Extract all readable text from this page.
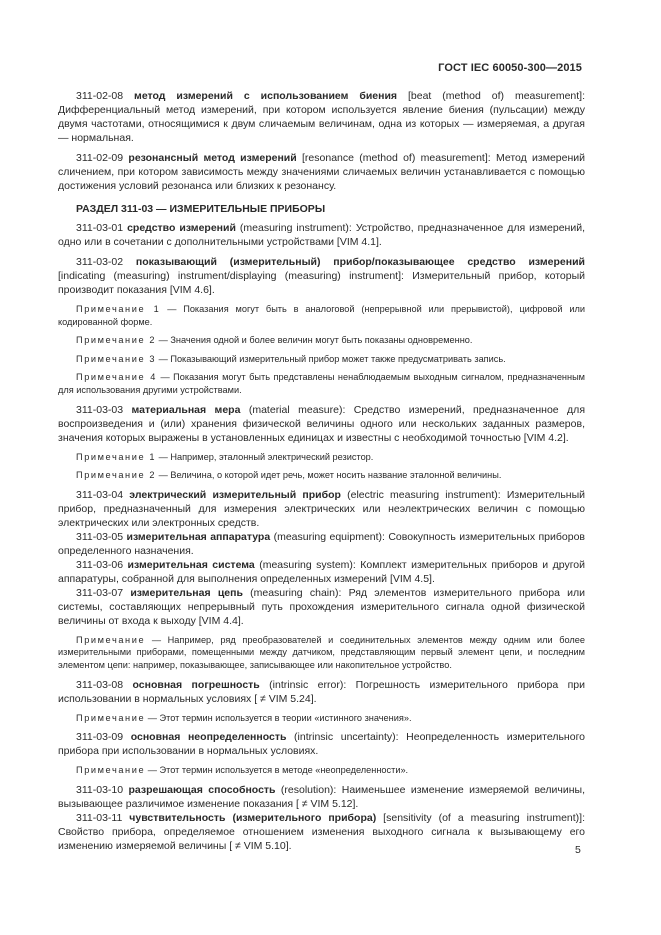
ГОСТ IEC 60050-300—2015

311-02-08 метод измерений с использованием биения [beat (method of) measurement]: Дифференциальный метод измерений, при котором используется явление биения (пульсации) между двумя частотами, относящимися к двум сличаемым величинам, одна из которых — измеряемая, а другая — нормальная.

311-02-09 резонансный метод измерений [resonance (method of) measurement]: Метод измерений сличением, при котором зависимость между значениями сличаемых величин устанавливается с помощью достижения условий резонанса или близких к резонансу.

РАЗДЕЛ 311-03 — ИЗМЕРИТЕЛЬНЫЕ ПРИБОРЫ

311-03-01 средство измерений (measuring instrument): Устройство, предназначенное для измерений, одно или в сочетании с дополнительными устройствами [VIM 4.1].

311-03-02 показывающий (измерительный) прибор/показывающее средство измерений [indicating (measuring) instrument/displaying (measuring) instrument]: Измерительный прибор, который производит показания [VIM 4.6].

Примечание 1 — Показания могут быть в аналоговой (непрерывной или прерывистой), цифровой или кодированной форме.

Примечание 2 — Значения одной и более величин могут быть показаны одновременно.

Примечание 3 — Показывающий измерительный прибор может также предусматривать запись.

Примечание 4 — Показания могут быть представлены ненаблюдаемым выходным сигналом, предназначенным для использования другими устройствами.

311-03-03 материальная мера (material measure): Средство измерений, предназначенное для воспроизведения и (или) хранения физической величины одного или нескольких заданных размеров, значения которых выражены в установленных единицах и известны с необходимой точностью [VIM 4.2].

Примечание 1 — Например, эталонный электрический резистор.

Примечание 2 — Величина, о которой идет речь, может носить название эталонной величины.

311-03-04 электрический измерительный прибор (electric measuring instrument): Измерительный прибор, предназначенный для измерения электрических или неэлектрических величин с помощью электрических или электронных средств.

311-03-05 измерительная аппаратура (measuring equipment): Совокупность измерительных приборов определенного назначения.

311-03-06 измерительная система (measuring system): Комплект измерительных приборов и другой аппаратуры, собранной для выполнения определенных измерений [VIM 4.5].

311-03-07 измерительная цепь (measuring chain): Ряд элементов измерительного прибора или системы, составляющих непрерывный путь прохождения измерительного сигнала одной физической величины от входа к выходу [VIM 4.4].

Примечание — Например, ряд преобразователей и соединительных элементов между одним или более измерительными приборами, помещенными между датчиком, представляющим первый элемент цепи, и последним элементом цепи: например, показывающее, записывающее или накопительное устройство.

311-03-08 основная погрешность (intrinsic error): Погрешность измерительного прибора при использовании в нормальных условиях [ ≠ VIM 5.24].

Примечание — Этот термин используется в теории «истинного значения».

311-03-09 основная неопределенность (intrinsic uncertainty): Неопределенность измерительного прибора при использовании в нормальных условиях.

Примечание — Этот термин используется в методе «неопределенности».

311-03-10 разрешающая способность (resolution): Наименьшее изменение измеряемой величины, вызывающее различимое изменение показания [ ≠ VIM 5.12].

311-03-11 чувствительность (измерительного прибора) [sensitivity (of a measuring instrument)]: Свойство прибора, определяемое отношением изменения выходного сигнала к вызывающему его изменению измеряемой величины [ ≠ VIM 5.10].	5
